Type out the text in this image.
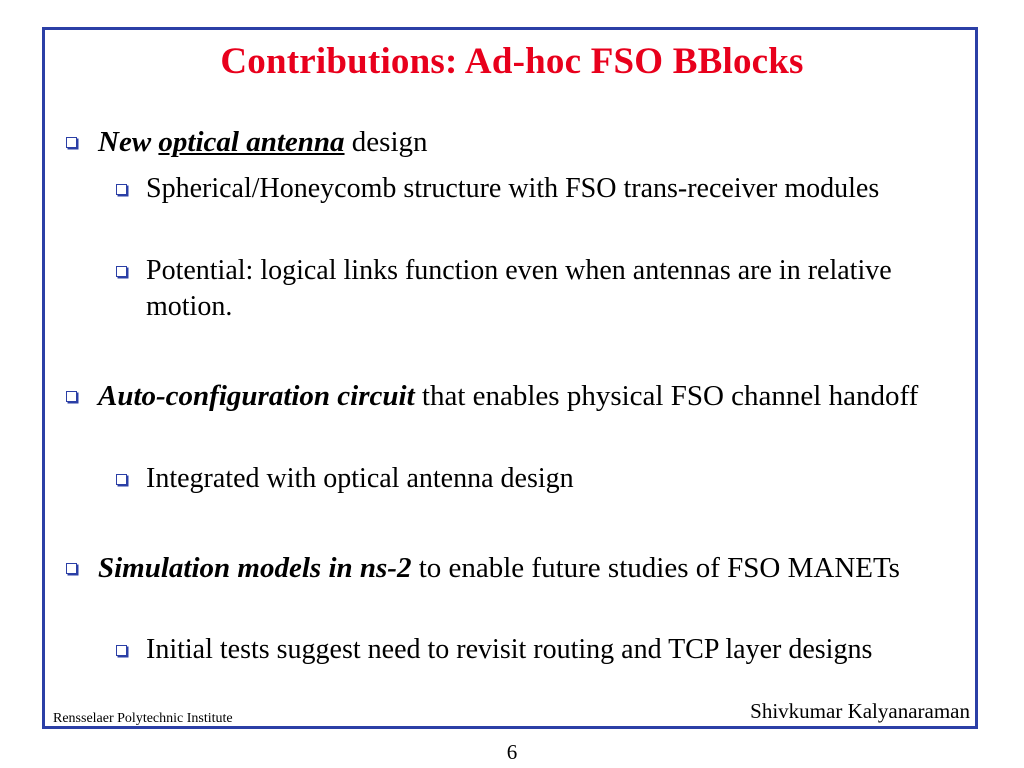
Contributions: Ad-hoc FSO BBlocks
New optical antenna design
Spherical/Honeycomb structure with FSO trans-receiver modules
Potential: logical links function even when antennas are in relative motion.
Auto-configuration circuit that enables physical FSO channel handoff
Integrated with optical antenna design
Simulation models in ns-2 to enable future studies of FSO MANETs
Initial tests suggest need to revisit routing and TCP layer designs
Rensselaer Polytechnic Institute	Shivkumar Kalyanaraman
6
